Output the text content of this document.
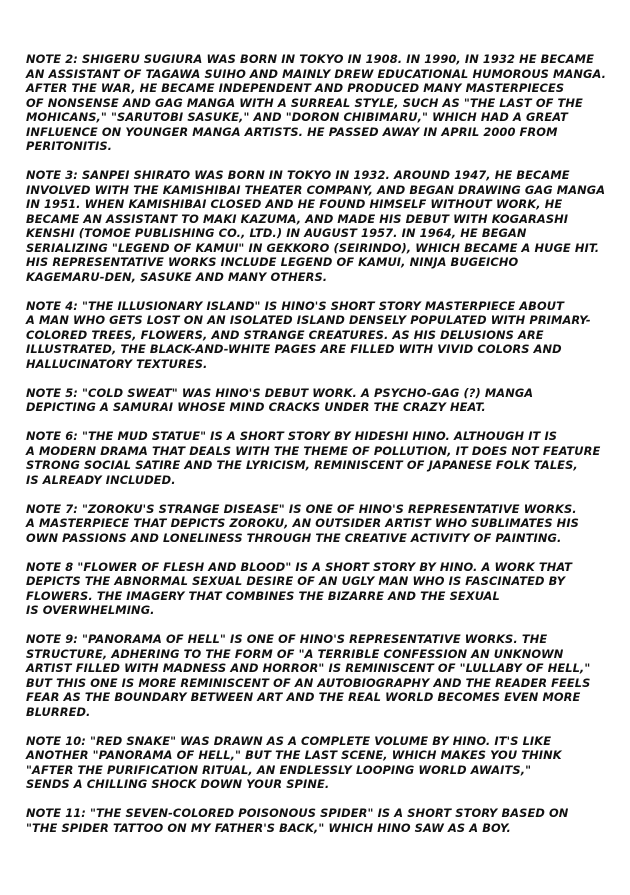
NOTE 2: SHIGERU SUGIURA WAS BORN IN TOKYO IN 1908. IN 1990, IN 1932 HE BECAME
AN ASSISTANT OF TAGAWA SUIHO AND MAINLY DREW EDUCATIONAL HUMOROUS MANGA.
AFTER THE WAR, HE BECAME INDEPENDENT AND PRODUCED MANY MASTERPIECES
OF NONSENSE AND GAG MANGA WITH A SURREAL STYLE, SUCH AS "THE LAST OF THE
MOHICANS," "SARUTOBI SASUKE," AND "DORON CHIBIMARU," WHICH HAD A GREAT
INFLUENCE ON YOUNGER MANGA ARTISTS. HE PASSED AWAY IN APRIL 2000 FROM
PERITONITIS.
NOTE 3: SANPEI SHIRATO WAS BORN IN TOKYO IN 1932. AROUND 1947, HE BECAME
INVOLVED WITH THE KAMISHIBAI THEATER COMPANY, AND BEGAN DRAWING GAG MANGA
IN 1951. WHEN KAMISHIBAI CLOSED AND HE FOUND HIMSELF WITHOUT WORK, HE
BECAME AN ASSISTANT TO MAKI KAZUMA, AND MADE HIS DEBUT WITH KOGARASHI
KENSHI (TOMOE PUBLISHING CO., LTD.) IN AUGUST 1957. IN 1964, HE BEGAN
SERIALIZING "LEGEND OF KAMUI" IN GEKKORO (SEIRINDO), WHICH BECAME A HUGE HIT.
HIS REPRESENTATIVE WORKS INCLUDE LEGEND OF KAMUI, NINJA BUGEICHO
KAGEMARU-DEN, SASUKE AND MANY OTHERS.
NOTE 4: "THE ILLUSIONARY ISLAND" IS HINO'S SHORT STORY MASTERPIECE ABOUT
A MAN WHO GETS LOST ON AN ISOLATED ISLAND DENSELY POPULATED WITH PRIMARY-
COLORED TREES, FLOWERS, AND STRANGE CREATURES. AS HIS DELUSIONS ARE
ILLUSTRATED, THE BLACK-AND-WHITE PAGES ARE FILLED WITH VIVID COLORS AND
HALLUCINATORY TEXTURES.
NOTE 5: "COLD SWEAT" WAS HINO'S DEBUT WORK. A PSYCHO-GAG (?) MANGA
DEPICTING A SAMURAI WHOSE MIND CRACKS UNDER THE CRAZY HEAT.
NOTE 6: "THE MUD STATUE" IS A SHORT STORY BY HIDESHI HINO. ALTHOUGH IT IS
A MODERN DRAMA THAT DEALS WITH THE THEME OF POLLUTION, IT DOES NOT FEATURE
STRONG SOCIAL SATIRE AND THE LYRICISM, REMINISCENT OF JAPANESE FOLK TALES,
IS ALREADY INCLUDED.
NOTE 7: "ZOROKU'S STRANGE DISEASE" IS ONE OF HINO'S REPRESENTATIVE WORKS.
A MASTERPIECE THAT DEPICTS ZOROKU, AN OUTSIDER ARTIST WHO SUBLIMATES HIS
OWN PASSIONS AND LONELINESS THROUGH THE CREATIVE ACTIVITY OF PAINTING.
NOTE 8 "FLOWER OF FLESH AND BLOOD" IS A SHORT STORY BY HINO. A WORK THAT
DEPICTS THE ABNORMAL SEXUAL DESIRE OF AN UGLY MAN WHO IS FASCINATED BY
FLOWERS. THE IMAGERY THAT COMBINES THE BIZARRE AND THE SEXUAL
IS OVERWHELMING.
NOTE 9: "PANORAMA OF HELL" IS ONE OF HINO'S REPRESENTATIVE WORKS. THE
STRUCTURE, ADHERING TO THE FORM OF "A TERRIBLE CONFESSION AN UNKNOWN
ARTIST FILLED WITH MADNESS AND HORROR" IS REMINISCENT OF "LULLABY OF HELL,"
BUT THIS ONE IS MORE REMINISCENT OF AN AUTOBIOGRAPHY AND THE READER FEELS
FEAR AS THE BOUNDARY BETWEEN ART AND THE REAL WORLD BECOMES EVEN MORE
BLURRED.
NOTE 10: "RED SNAKE" WAS DRAWN AS A COMPLETE VOLUME BY HINO. IT'S LIKE
ANOTHER "PANORAMA OF HELL," BUT THE LAST SCENE, WHICH MAKES YOU THINK
"AFTER THE PURIFICATION RITUAL, AN ENDLESSLY LOOPING WORLD AWAITS,"
SENDS A CHILLING SHOCK DOWN YOUR SPINE.
NOTE 11: "THE SEVEN-COLORED POISONOUS SPIDER" IS A SHORT STORY BASED ON
"THE SPIDER TATTOO ON MY FATHER'S BACK," WHICH HINO SAW AS A BOY.
